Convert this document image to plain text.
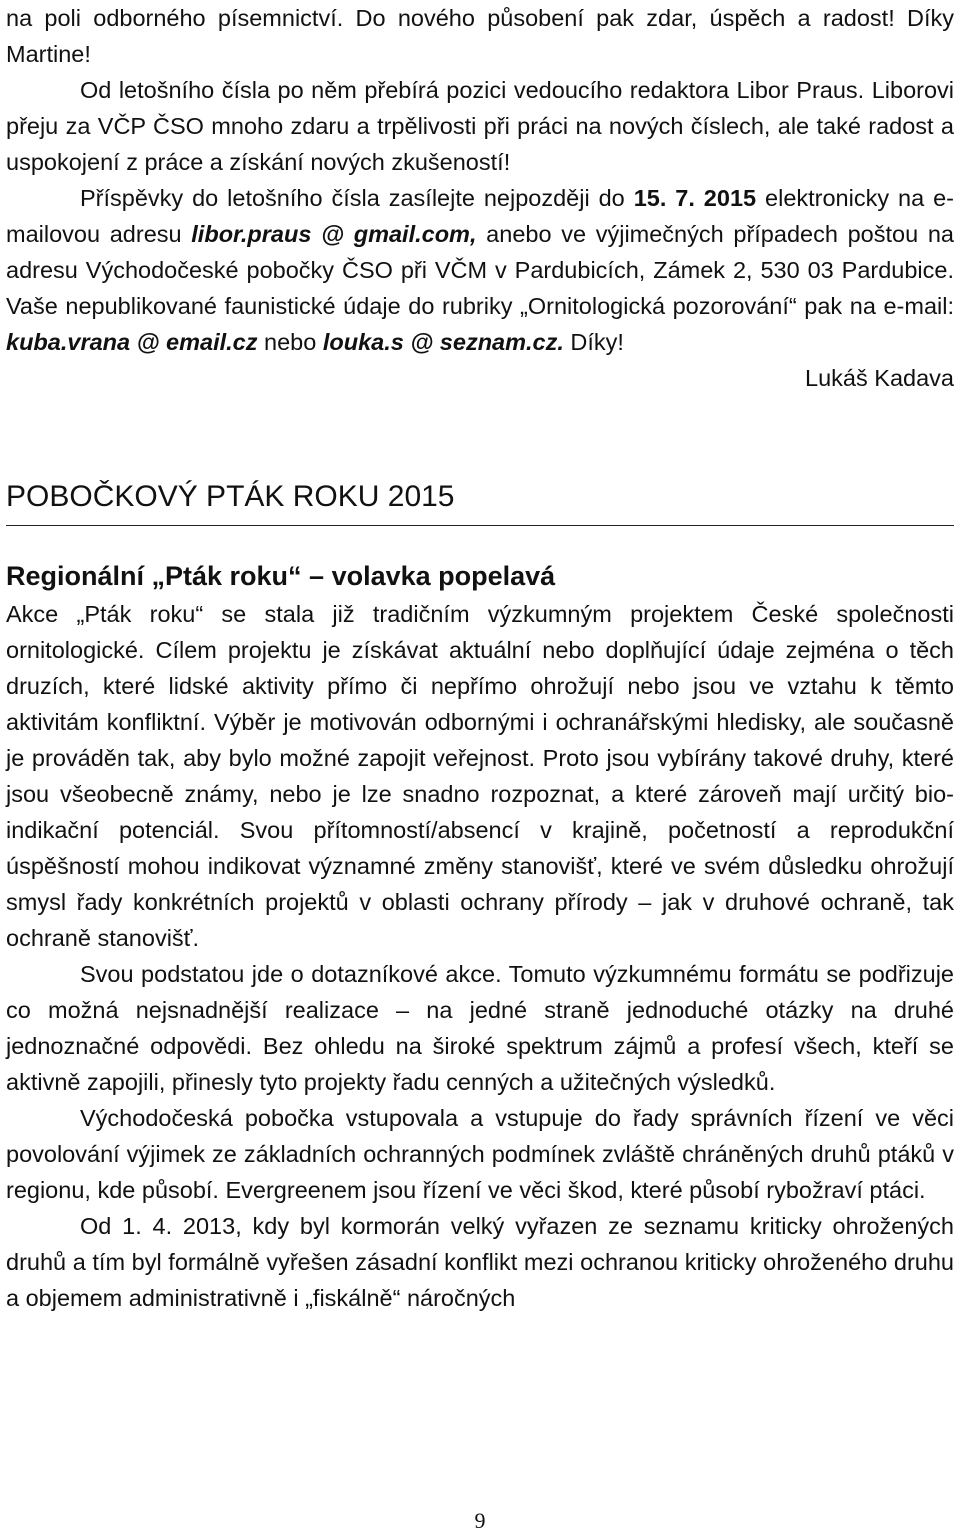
na poli odborného písemnictví. Do nového působení pak zdar, úspěch a radost! Díky Martine!

Od letošního čísla po něm přebírá pozici vedoucího redaktora Libor Praus. Liborovi přeju za VČP ČSO mnoho zdaru a trpělivosti při práci na nových číslech, ale také radost a uspokojení z práce a získání nových zkušeností!

Příspěvky do letošního čísla zasílejte nejpozději do 15. 7. 2015 elektronicky na e-mailovou adresu libor.praus @ gmail.com, anebo ve výjimečných případech poštou na adresu Východočeské pobočky ČSO při VČM v Pardubicích, Zámek 2, 530 03 Pardubice. Vaše nepublikované faunistické údaje do rubriky „Ornitologická pozorování“ pak na e-mail: kuba.vrana @ email.cz nebo louka.s @ seznam.cz. Díky!

Lukáš Kadava

POBOČKOVÝ PTÁK ROKU 2015
Regionální „Pták roku“ – volavka popelavá

Akce „Pták roku“ se stala již tradičním výzkumným projektem České společnosti ornitologické. Cílem projektu je získávat aktuální nebo doplňující údaje zejména o těch druzích, které lidské aktivity přímo či nepřímo ohrožují nebo jsou ve vztahu k těmto aktivitám konfliktní. Výběr je motivován odbornými i ochranářskými hledisky, ale současně je prováděn tak, aby bylo možné zapojit veřejnost. Proto jsou vybírány takové druhy, které jsou všeobecně známy, nebo je lze snadno rozpoznat, a které zároveň mají určitý bio-indikační potenciál. Svou přítomností/absencí v krajině, početností a reprodukční úspěšností mohou indikovat významné změny stanovišť, které ve svém důsledku ohrožují smysl řady konkrétních projektů v oblasti ochrany přírody – jak v druhové ochraně, tak ochraně stanovišť.

Svou podstatou jde o dotazníkové akce. Tomuto výzkumnému formátu se podřizuje co možná nejsnadnější realizace – na jedné straně jednoduché otázky na druhé jednoznačné odpovědi. Bez ohledu na široké spektrum zájmů a profesí všech, kteří se aktivně zapojili, přinesly tyto projekty řadu cenných a užitečných výsledků.

Východočeská pobočka vstupovala a vstupuje do řady správních řízení ve věci povolování výjimek ze základních ochranných podmínek zvláště chráněných druhů ptáků v regionu, kde působí. Evergreenem jsou řízení ve věci škod, které působí rybožraví ptáci.

Od 1. 4. 2013, kdy byl kormorán velký vyřazen ze seznamu kriticky ohrožených druhů a tím byl formálně vyřešen zásadní konflikt mezi ochranou kriticky ohroženého druhu a objemem administrativně i „fiskálně“ náročných

9
